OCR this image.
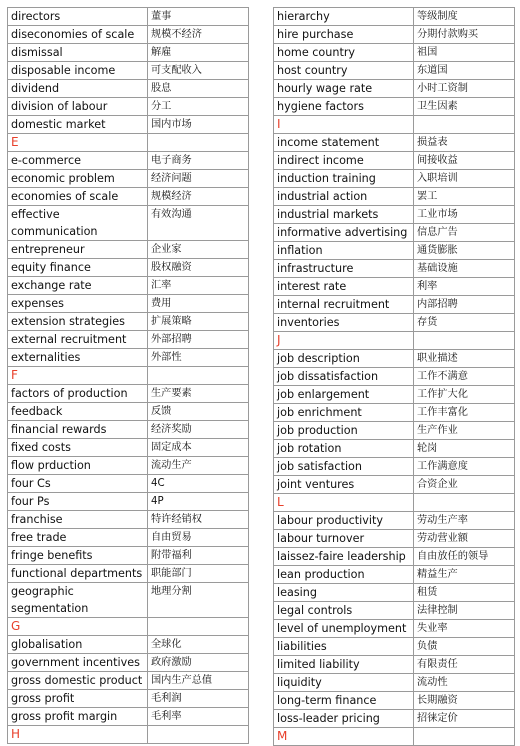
directors	董事
diseconomies of scale	规模不经济
dismissal	解雇
disposable income	可支配收入
dividend	股息
division of labour	分工
domestic market	国内市场
E	
e-commerce	电子商务
economic problem	经济问题
economies of scale	规模经济
effective communication	有效沟通
entrepreneur	企业家
equity finance	股权融资
exchange rate	汇率
expenses	费用
extension strategies	扩展策略
external recruitment	外部招聘
externalities	外部性
F	
factors of production	生产要素
feedback	反馈
financial rewards	经济奖励
fixed costs	固定成本
flow prduction	流动生产
four Cs	4C
four Ps	4P
franchise	特许经销权
free trade	自由贸易
fringe benefits	附带福利
functional departments	职能部门
geographic segmentation	地理分割
G	
globalisation	全球化
government incentives	政府激励
gross domestic product	国内生产总值
gross profit	毛利润
gross profit margin	毛利率
H	
hierarchy	等级制度
hire purchase	分期付款购买
home country	祖国
host country	东道国
hourly wage rate	小时工资制
hygiene factors	卫生因素
I	
income statement	损益表
indirect income	间接收益
induction training	入职培训
industrial action	罢工
industrial markets	工业市场
informative advertising	信息广告
inflation	通货膨胀
infrastructure	基础设施
interest rate	利率
internal recruitment	内部招聘
inventories	存货
J	
job description	职业描述
job dissatisfaction	工作不满意
job enlargement	工作扩大化
job enrichment	工作丰富化
job production	生产作业
job rotation	轮岗
job satisfaction	工作满意度
joint ventures	合资企业
L	
labour productivity	劳动生产率
labour turnover	劳动营业额
laissez-faire leadership	自由放任的领导
lean production	精益生产
leasing	租赁
legal controls	法律控制
level of unemployment	失业率
liabilities	负债
limited liability	有限责任
liquidity	流动性
long-term finance	长期融资
loss-leader pricing	招徕定价
M	
